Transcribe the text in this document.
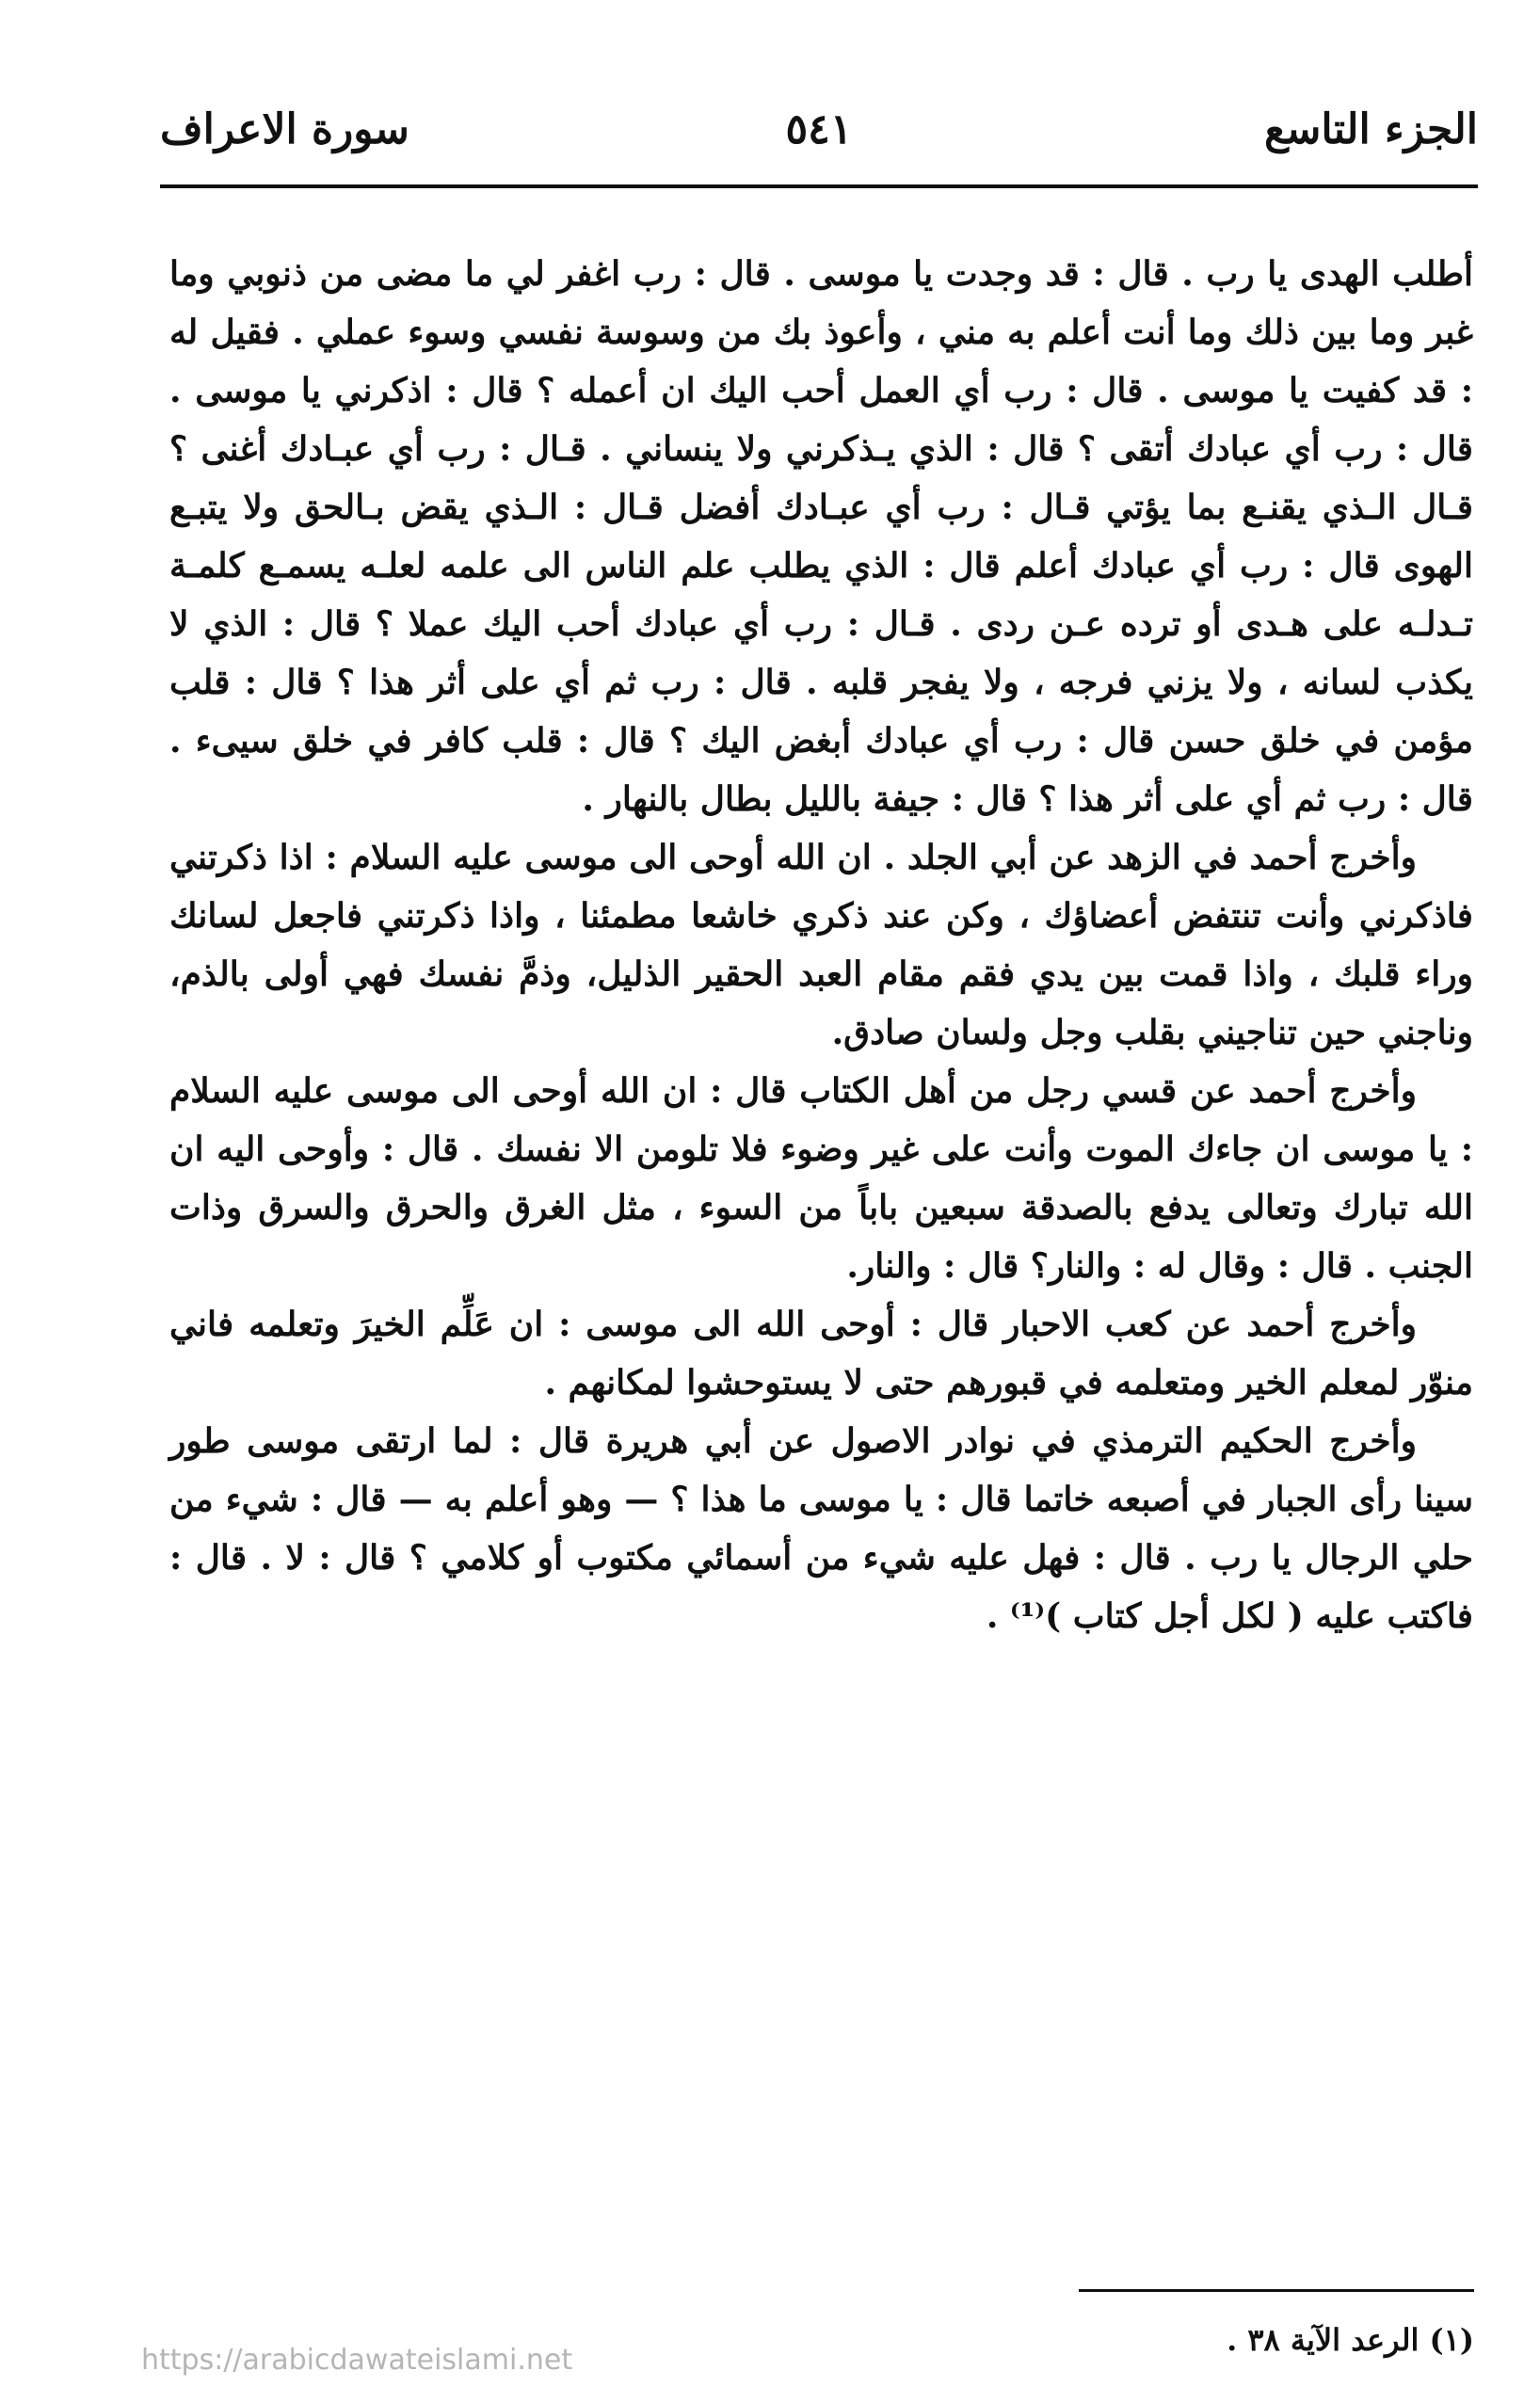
الجزء التاسع
٥٤١
سورة الاعراف

أطلب الهدى يا رب . قال : قد وجدت يا موسى . قال : رب اغفر لي ما مضى من ذنوبي وما غبر وما بين ذلك وما أنت أعلم به مني ، وأعوذ بك من وسوسة نفسي وسوء عملي . فقيل له : قد كفيت يا موسى . قال : رب أي العمل أحب اليك ان أعمله ؟ قال : اذكرني يا موسى . قال : رب أي عبادك أتقى ؟ قال : الذي يـذكرني ولا ينساني . قـال : رب أي عبـادك أغنى ؟ قـال الـذي يقنـع بما يؤتي قـال : رب أي عبـادك أفضل قـال : الـذي يقض بـالحق ولا يتبـع الهوى قال : رب أي عبادك أعلم قال : الذي يطلب علم الناس الى علمه لعلـه يسمـع كلمـة تـدلـه على هـدى أو ترده عـن ردى . قـال : رب أي عبادك أحب اليك عملا ؟ قال : الذي لا يكذب لسانه ، ولا يزني فرجه ، ولا يفجر قلبه . قال : رب ثم أي على أثر هذا ؟ قال : قلب مؤمن في خلق حسن قال : رب أي عبادك أبغض اليك ؟ قال : قلب كافر في خلق سيىء . قال : رب ثم أي على أثر هذا ؟ قال : جيفة بالليل بطال بالنهار .

وأخرج أحمد في الزهد عن أبي الجلد . ان الله أوحى الى موسى عليه السلام : اذا ذكرتني فاذكرني وأنت تنتفض أعضاؤك ، وكن عند ذكري خاشعا مطمئنا ، واذا ذكرتني فاجعل لسانك وراء قلبك ، واذا قمت بين يدي فقم مقام العبد الحقير الذليل، وذمَّ نفسك فهي أولى بالذم، وناجني حين تناجيني بقلب وجل ولسان صادق.

وأخرج أحمد عن قسي رجل من أهل الكتاب قال : ان الله أوحى الى موسى عليه السلام : يا موسى ان جاءك الموت وأنت على غير وضوء فلا تلومن الا نفسك . قال : وأوحى اليه ان الله تبارك وتعالى يدفع بالصدقة سبعين باباً من السوء ، مثل الغرق والحرق والسرق وذات الجنب . قال : وقال له : والنار؟ قال : والنار.

وأخرج أحمد عن كعب الاحبار قال : أوحى الله الى موسى : ان عَلِّم الخيرَ وتعلمه فاني منوّر لمعلم الخير ومتعلمه في قبورهم حتى لا يستوحشوا لمكانهم .

وأخرج الحكيم الترمذي في نوادر الاصول عن أبي هريرة قال : لما ارتقى موسى طور سينا رأى الجبار في أصبعه خاتما قال : يا موسى ما هذا ؟ — وهو أعلم به — قال : شيء من حلي الرجال يا رب . قال : فهل عليه شيء من أسمائي مكتوب أو كلامي ؟ قال : لا . قال : فاكتب عليه ( لكل أجل كتاب )⁽¹⁾ .

(١) الرعد الآية ٣٨ .
https://arabicdawateislami.net
